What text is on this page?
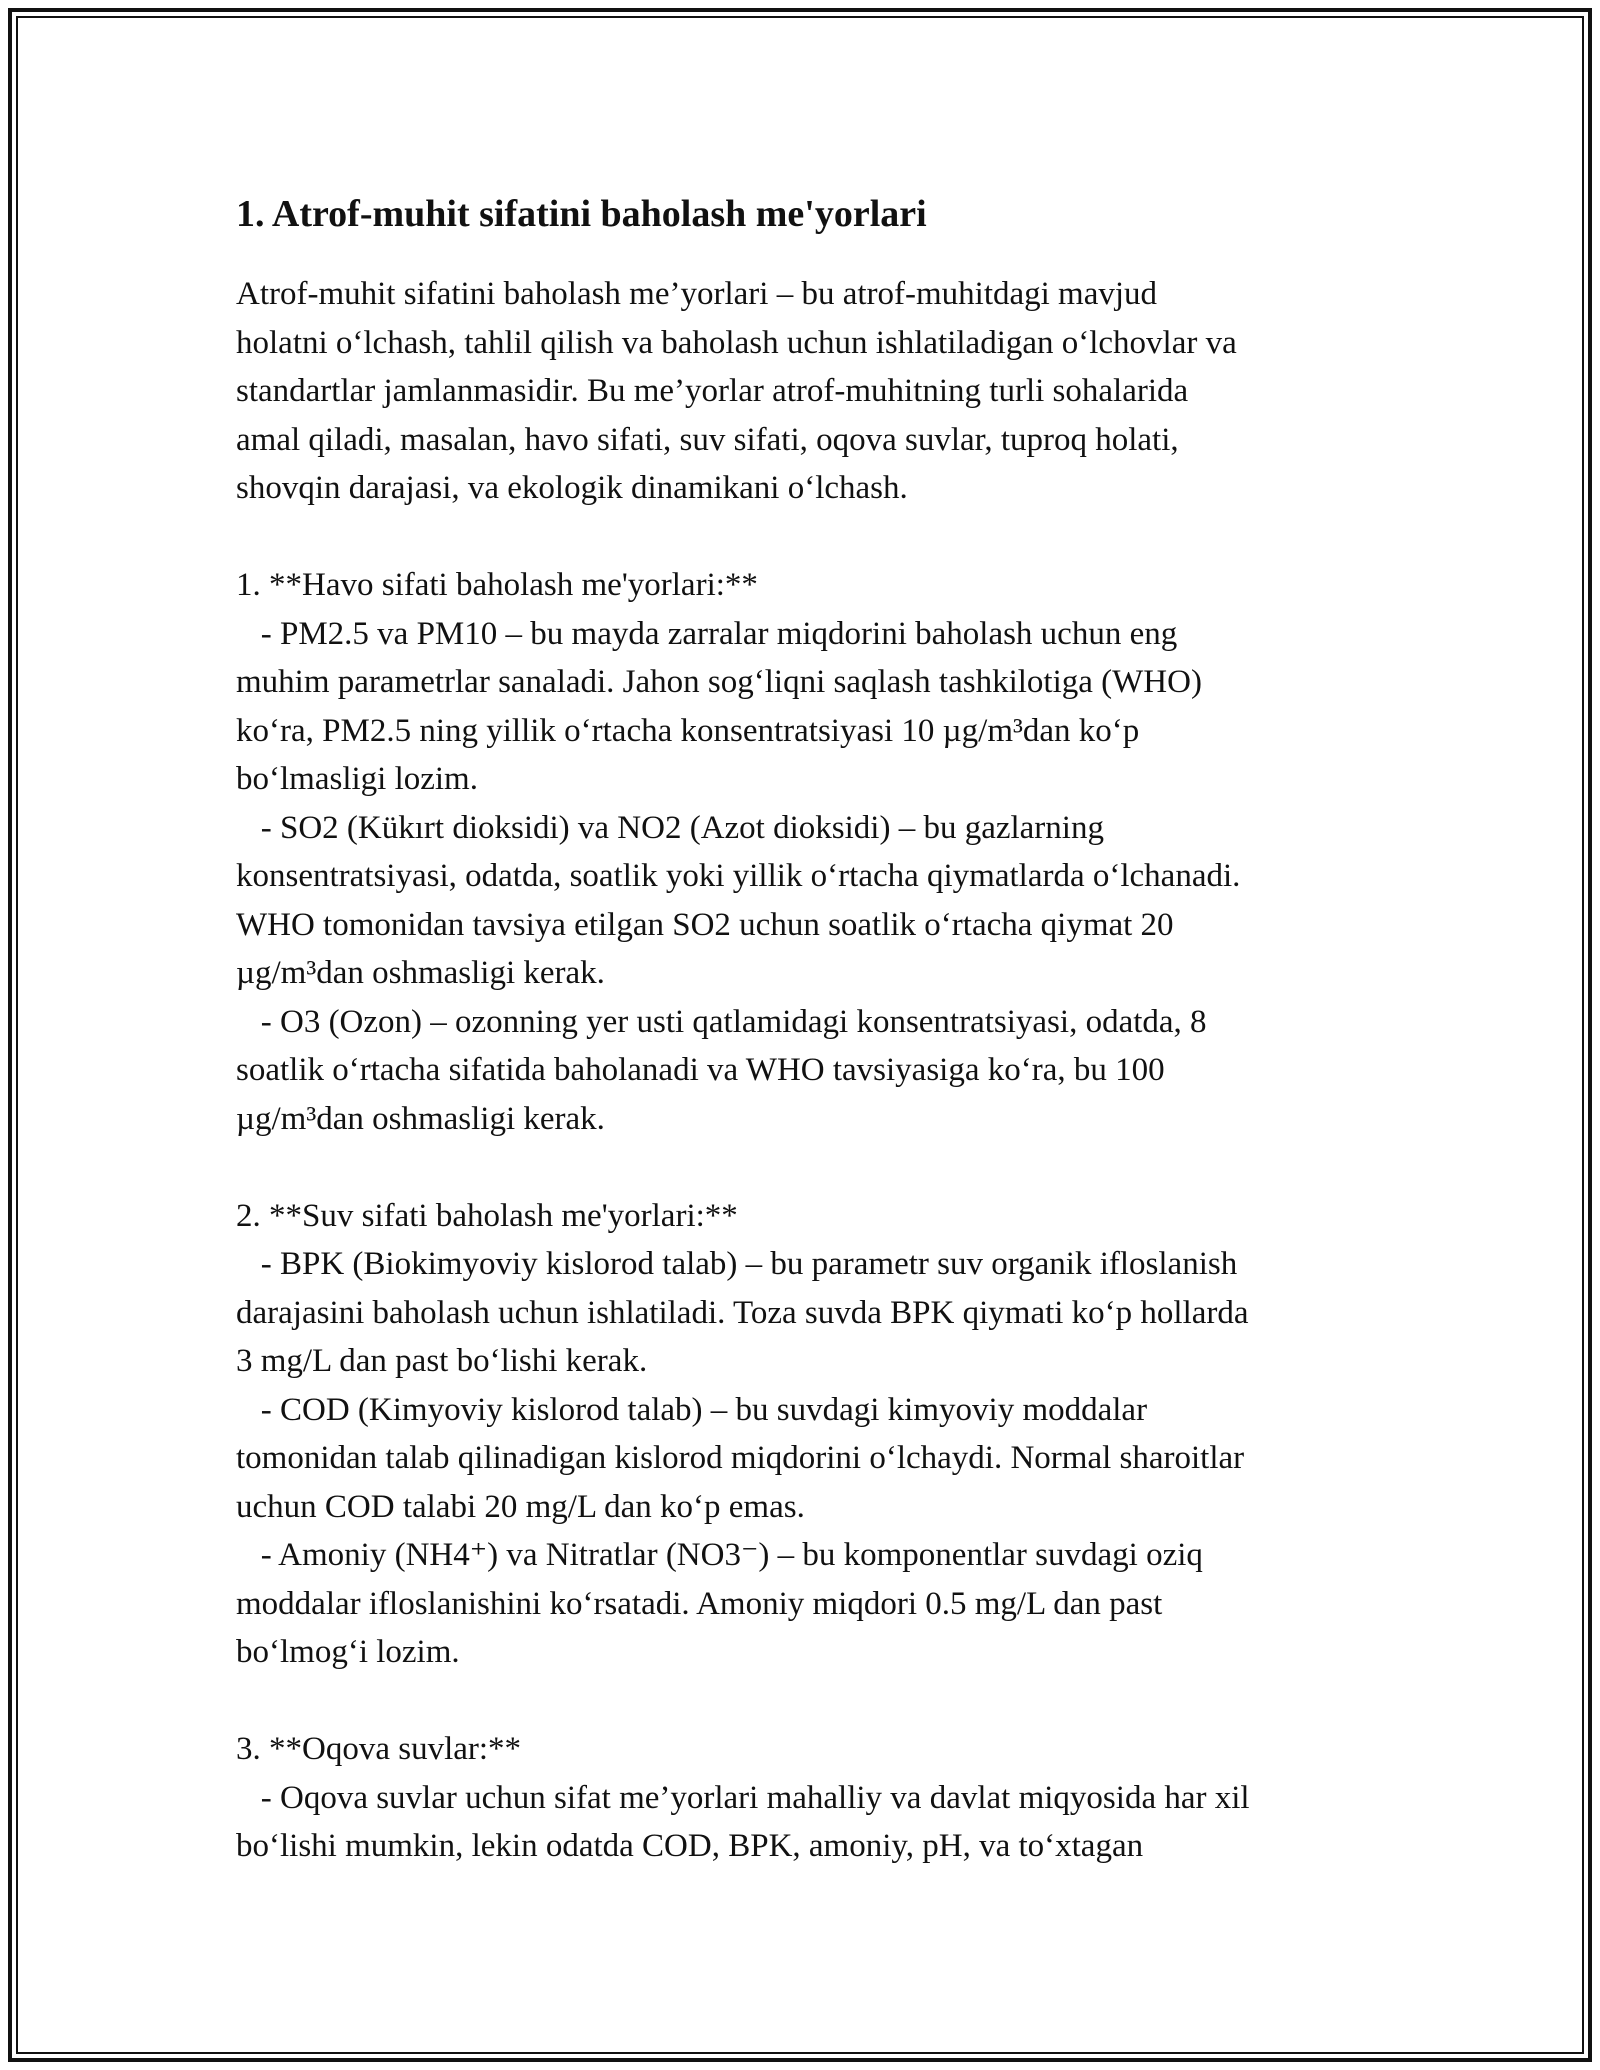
1. Atrof-muhit sifatini baholash me'yorlari
Atrof-muhit sifatini baholash me’yorlari – bu atrof-muhitdagi mavjud
holatni o‘lchash, tahlil qilish va baholash uchun ishlatiladigan o‘lchovlar va
standartlar jamlanmasidir. Bu me’yorlar atrof-muhitning turli sohalarida
amal qiladi, masalan, havo sifati, suv sifati, oqova suvlar, tuproq holati,
shovqin darajasi, va ekologik dinamikani o‘lchash.
1. **Havo sifati baholash me'yorlari:**
- PM2.5 va PM10 – bu mayda zarralar miqdorini baholash uchun eng
muhim parametrlar sanaladi. Jahon sog‘liqni saqlash tashkilotiga (WHO)
ko‘ra, PM2.5 ning yillik o‘rtacha konsentratsiyasi 10 µg/m³dan ko‘p
bo‘lmasligi lozim.
- SO2 (Kükırt dioksidi) va NO2 (Azot dioksidi) – bu gazlarning
konsentratsiyasi, odatda, soatlik yoki yillik o‘rtacha qiymatlarda o‘lchanadi.
WHO tomonidan tavsiya etilgan SO2 uchun soatlik o‘rtacha qiymat 20
µg/m³dan oshmasligi kerak.
- O3 (Ozon) – ozonning yer usti qatlamidagi konsentratsiyasi, odatda, 8
soatlik o‘rtacha sifatida baholanadi va WHO tavsiyasiga ko‘ra, bu 100
µg/m³dan oshmasligi kerak.
2. **Suv sifati baholash me'yorlari:**
- BPK (Biokimyoviy kislorod talab) – bu parametr suv organik ifloslanish
darajasini baholash uchun ishlatiladi. Toza suvda BPK qiymati ko‘p hollarda
3 mg/L dan past bo‘lishi kerak.
- COD (Kimyoviy kislorod talab) – bu suvdagi kimyoviy moddalar
tomonidan talab qilinadigan kislorod miqdorini o‘lchaydi. Normal sharoitlar
uchun COD talabi 20 mg/L dan ko‘p emas.
- Amoniy (NH4⁺) va Nitratlar (NO3⁻) – bu komponentlar suvdagi oziq
moddalar ifloslanishini ko‘rsatadi. Amoniy miqdori 0.5 mg/L dan past
bo‘lmog‘i lozim.
3. **Oqova suvlar:**
- Oqova suvlar uchun sifat me’yorlari mahalliy va davlat miqyosida har xil
bo‘lishi mumkin, lekin odatda COD, BPK, amoniy, pH, va to‘xtagan
